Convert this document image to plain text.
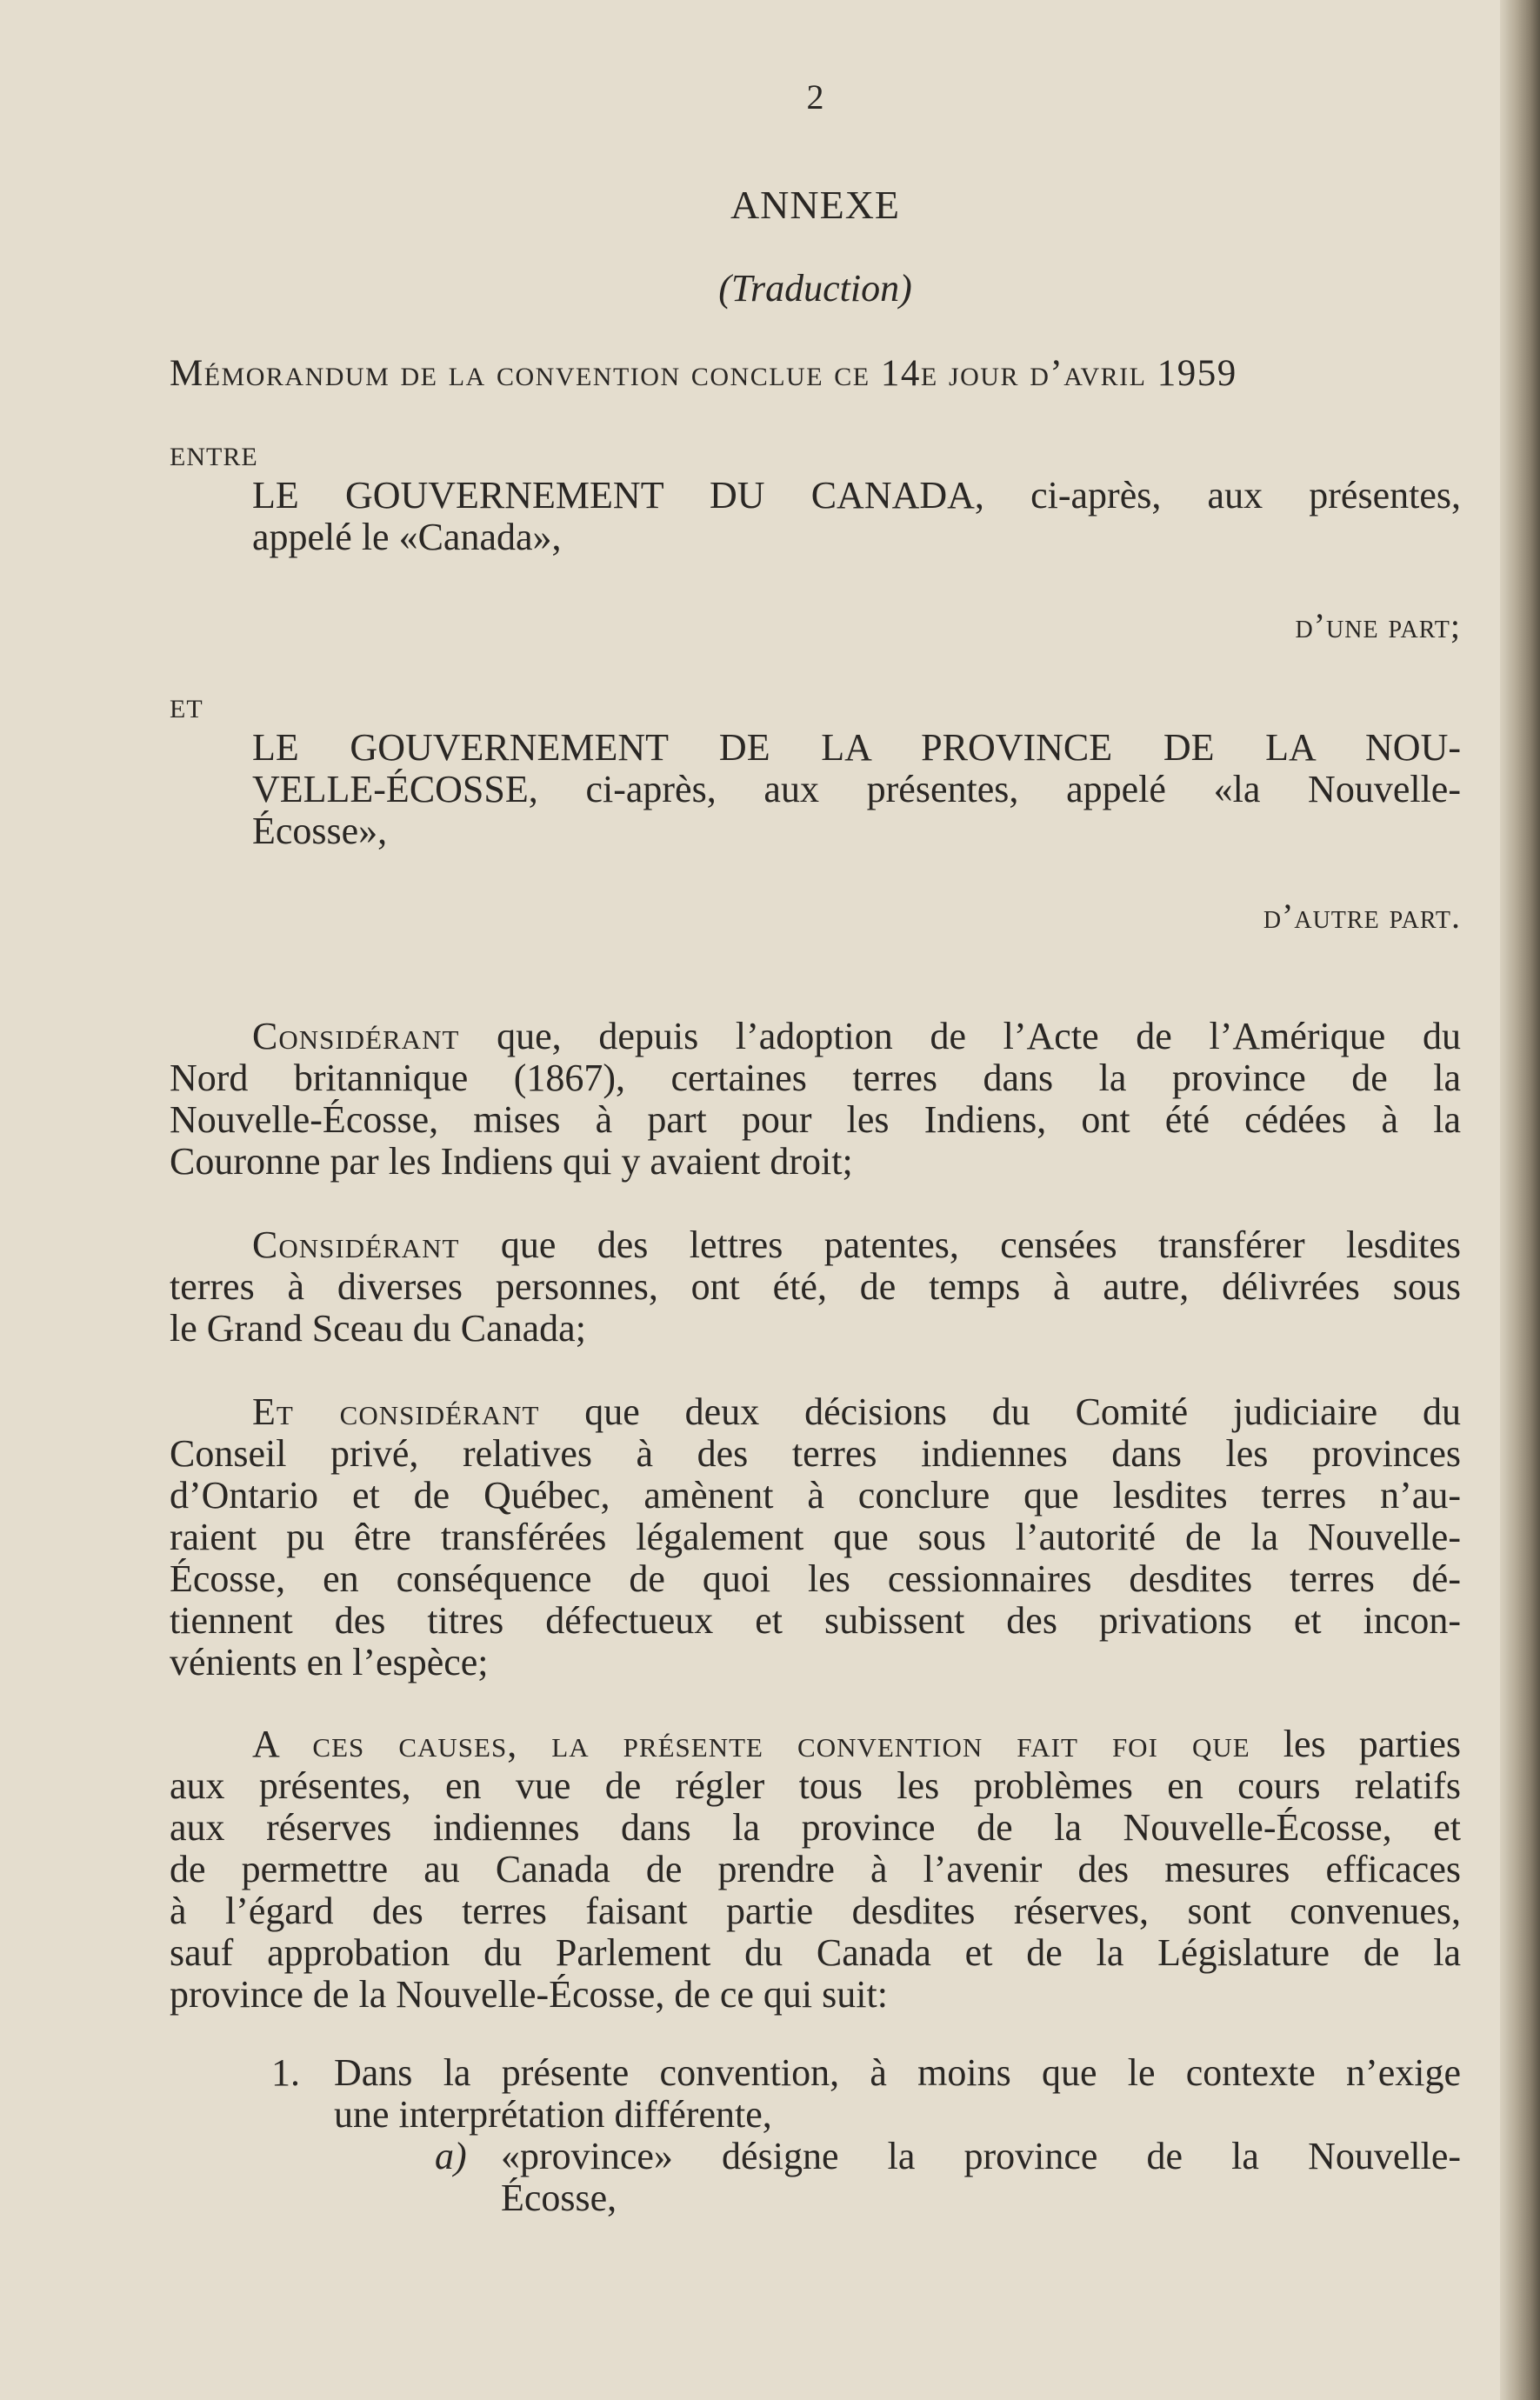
2
ANNEXE
(Traduction)
Mémorandum de la convention conclue ce 14e jour d’avril 1959
ENTRE
LE GOUVERNEMENT DU CANADA, ci-après, aux présentes,
appelé le «Canada»,
d’une part;
ET
LE GOUVERNEMENT DE LA PROVINCE DE LA NOU-
VELLE-ÉCOSSE, ci-après, aux présentes, appelé «la Nouvelle-
Écosse»,
d’autre part.
Considérant que, depuis l’adoption de l’Acte de l’Amérique du
Nord britannique (1867), certaines terres dans la province de la
Nouvelle-Écosse, mises à part pour les Indiens, ont été cédées à la
Couronne par les Indiens qui y avaient droit;
Considérant que des lettres patentes, censées transférer lesdites
terres à diverses personnes, ont été, de temps à autre, délivrées sous
le Grand Sceau du Canada;
Et considérant que deux décisions du Comité judiciaire du
Conseil privé, relatives à des terres indiennes dans les provinces
d’Ontario et de Québec, amènent à conclure que lesdites terres n’au-
raient pu être transférées légalement que sous l’autorité de la Nouvelle-
Écosse, en conséquence de quoi les cessionnaires desdites terres dé-
tiennent des titres défectueux et subissent des privations et incon-
vénients en l’espèce;
A ces causes, la présente convention fait foi que les parties
aux présentes, en vue de régler tous les problèmes en cours relatifs
aux réserves indiennes dans la province de la Nouvelle-Écosse, et
de permettre au Canada de prendre à l’avenir des mesures efficaces
à l’égard des terres faisant partie desdites réserves, sont convenues,
sauf approbation du Parlement du Canada et de la Législature de la
province de la Nouvelle-Écosse, de ce qui suit:
1. Dans la présente convention, à moins que le contexte n’exige
une interprétation différente,
a) «province» désigne la province de la Nouvelle-
Écosse,
